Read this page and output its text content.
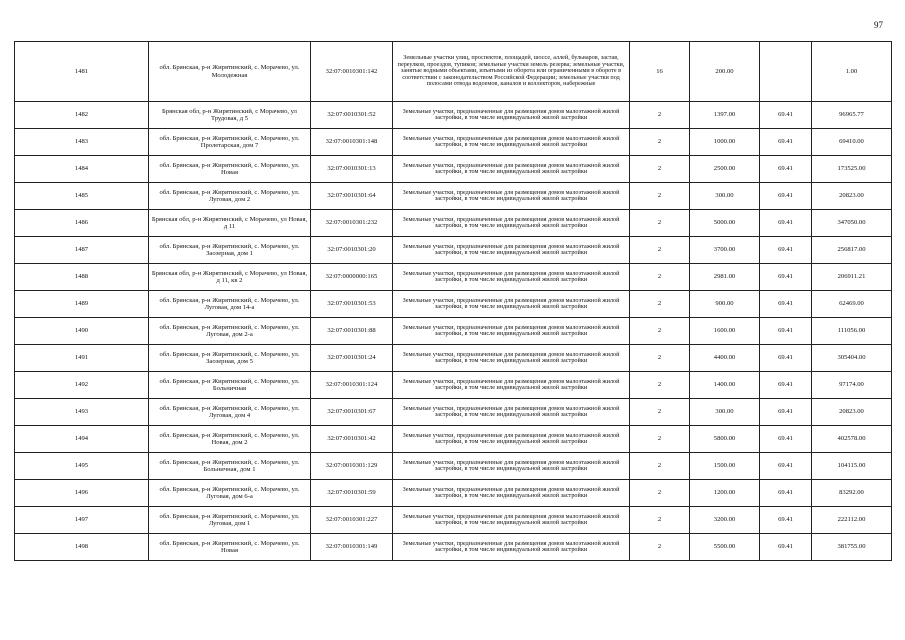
97
1481	обл. Брянская, р-н Жирятинский, с. Морачево, ул. Молодежная	32:07:0010301:142	Земельные участки улиц, проспектов, площадей, шоссе, аллей, бульваров, застав, переулков, проездов, тупиков; земельные участки земель резерва; земельные участки, занятые водными объектами, изъятыми из оборота или ограниченными в обороте в соответствии с законодательством Российской Федерации; земельные участки под полосами отвода водоемов, каналов и коллекторов, набережные	16	200.00		1.00
1482	Брянская обл, р-н Жирятинский, с Морачево, ул Трудовая, д 5	32:07:0010301:52	Земельные участки, предназначенные для размещения домов малоэтажной жилой застройки, в том числе индивидуальной жилой застройки	2	1397.00	69.41	96965.77
1483	обл. Брянская, р-н Жирятинский, с. Морачево, ул. Пролетарская, дом 7	32:07:0010301:148	Земельные участки, предназначенные для размещения домов малоэтажной жилой застройки, в том числе индивидуальной жилой застройки	2	1000.00	69.41	69410.00
1484	обл. Брянская, р-н Жирятинский, с. Морачево, ул. Новая	32:07:0010301:13	Земельные участки, предназначенные для размещения домов малоэтажной жилой застройки, в том числе индивидуальной жилой застройки	2	2500.00	69.41	173525.00
1485	обл. Брянская, р-н Жирятинский, с. Морачево, ул. Луговая, дом 2	32:07:0010301:64	Земельные участки, предназначенные для размещения домов малоэтажной жилой застройки, в том числе индивидуальной жилой застройки	2	300.00	69.41	20823.00
1486	Брянская обл, р-н Жирятинский, с Морачево, ул Новая, д 11	32:07:0010301:232	Земельные участки, предназначенные для размещения домов малоэтажной жилой застройки, в том числе индивидуальной жилой застройки	2	5000.00	69.41	347050.00
1487	обл. Брянская, р-н Жирятинский, с. Морачево, ул. Заозерная, дом 1	32:07:0010301:20	Земельные участки, предназначенные для размещения домов малоэтажной жилой застройки, в том числе индивидуальной жилой застройки	2	3700.00	69.41	256817.00
1488	Брянская обл, р-н Жирятинский, с Морачево, ул Новая, д 11, кв 2	32:07:0000000:165	Земельные участки, предназначенные для размещения домов малоэтажной жилой застройки, в том числе индивидуальной жилой застройки	2	2981.00	69.41	206911.21
1489	обл. Брянская, р-н Жирятинский, с. Морачево, ул. Луговая, дом 14-а	32:07:0010301:53	Земельные участки, предназначенные для размещения домов малоэтажной жилой застройки, в том числе индивидуальной жилой застройки	2	900.00	69.41	62469.00
1490	обл. Брянская, р-н Жирятинский, с. Морачево, ул. Луговая, дом 2-а	32:07:0010301:88	Земельные участки, предназначенные для размещения домов малоэтажной жилой застройки, в том числе индивидуальной жилой застройки	2	1600.00	69.41	111056.00
1491	обл. Брянская, р-н Жирятинский, с. Морачево, ул. Заозерная, дом 5	32:07:0010301:24	Земельные участки, предназначенные для размещения домов малоэтажной жилой застройки, в том числе индивидуальной жилой застройки	2	4400.00	69.41	305404.00
1492	обл. Брянская, р-н Жирятинский, с. Морачево, ул. Больничная	32:07:0010301:124	Земельные участки, предназначенные для размещения домов малоэтажной жилой застройки, в том числе индивидуальной жилой застройки	2	1400.00	69.41	97174.00
1493	обл. Брянская, р-н Жирятинский, с. Морачево, ул. Луговая, дом 4	32:07:0010301:67	Земельные участки, предназначенные для размещения домов малоэтажной жилой застройки, в том числе индивидуальной жилой застройки	2	300.00	69.41	20823.00
1494	обл. Брянская, р-н Жирятинский, с. Морачево, ул. Новая, дом 2	32:07:0010301:42	Земельные участки, предназначенные для размещения домов малоэтажной жилой застройки, в том числе индивидуальной жилой застройки	2	5800.00	69.41	402578.00
1495	обл. Брянская, р-н Жирятинский, с. Морачево, ул. Больничная, дом 1	32:07:0010301:129	Земельные участки, предназначенные для размещения домов малоэтажной жилой застройки, в том числе индивидуальной жилой застройки	2	1500.00	69.41	104115.00
1496	обл. Брянская, р-н Жирятинский, с. Морачево, ул. Луговая, дом 6-а	32:07:0010301:59	Земельные участки, предназначенные для размещения домов малоэтажной жилой застройки, в том числе индивидуальной жилой застройки	2	1200.00	69.41	83292.00
1497	обл. Брянская, р-н Жирятинский, с. Морачево, ул. Луговая, дом 1	32:07:0010301:227	Земельные участки, предназначенные для размещения домов малоэтажной жилой застройки, в том числе индивидуальной жилой застройки	2	3200.00	69.41	222112.00
1498	обл. Брянская, р-н Жирятинский, с. Морачево, ул. Новая	32:07:0010301:149	Земельные участки, предназначенные для размещения домов малоэтажной жилой застройки, в том числе индивидуальной жилой застройки	2	5500.00	69.41	381755.00
